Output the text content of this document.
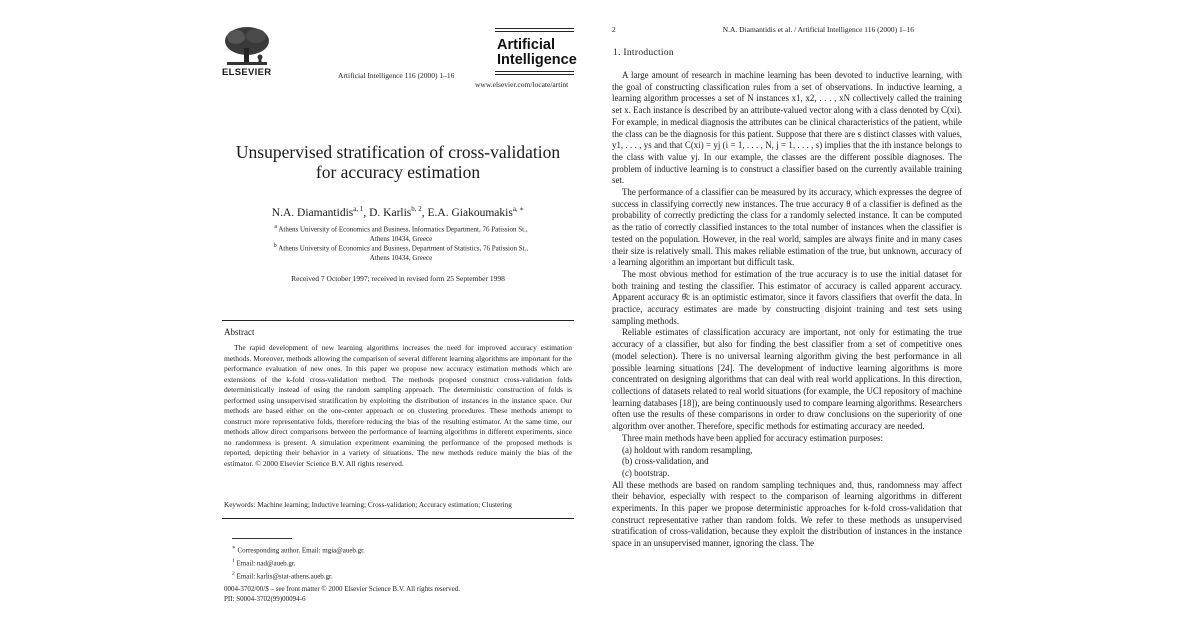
ELSEVIER	Artificial Intelligence 116 (2000) 1–16
Artificial
Intelligence
www.elsevier.com/locate/artint
Unsupervised stratification of cross-validation
for accuracy estimation
N.A. Diamantidis$^{a, 1}$, D. Karlis$^{b, 2}$, E.A. Giakoumakis$^{a, ∗}$
$^a$ Athens University of Economics and Business, Informatics Department, 76 Patission St.,
Athens 10434, Greece
$^b$ Athens University of Economics and Business, Department of Statistics, 76 Patission St.,
Athens 10434, Greece
Received 7 October 1997; received in revised form 25 September 1998
Abstract
The rapid development of new learning algorithms increases the need for improved accuracy estimation methods. Moreover, methods allowing the comparison of several different learning algorithms are important for the performance evaluation of new ones. In this paper we propose new accuracy estimation methods which are extensions of the k-fold cross-validation method. The methods proposed construct cross-validation folds deterministically instead of using the random sampling approach. The deterministic construction of folds is performed using unsupervised stratification by exploiting the distribution of instances in the instance space. Our methods are based either on the one-center approach or on clustering procedures. These methods attempt to construct more representative folds, therefore reducing the bias of the resulting estimator. At the same time, our methods allow direct comparisons between the performance of learning algorithms in different experiments, since no randomness is present. A simulation experiment examining the performance of the proposed methods is reported, depicting their behavior in a variety of situations. The new methods reduce mainly the bias of the estimator. © 2000 Elsevier Science B.V. All rights reserved.
Keywords: Machine learning; Inductive learning; Cross-validation; Accuracy estimation; Clustering
∗ Corresponding author. Email: mgia@aueb.gr.
$^1$ Email: nad@aueb.gr.
$^2$ Email: karlis@stat-athens.aueb.gr.
0004-3702/00/$ – see front matter © 2000 Elsevier Science B.V. All rights reserved.
PII: S0004-3702(99)00094-6
2	N.A. Diamantidis et al. / Artificial Intelligence 116 (2000) 1–16
1. Introduction

A large amount of research in machine learning has been devoted to inductive learning, with the goal of constructing classification rules from a set of observations. In inductive learning, a learning algorithm processes a set of N instances x1, x2, . . . , xN collectively called the training set x. Each instance is described by an attribute-valued vector along with a class denoted by C(xi). For example, in medical diagnosis the attributes can be clinical characteristics of the patient, while the class can be the diagnosis for this patient. Suppose that there are s distinct classes with values, y1, . . . , ys and that C(xi) = yj (i = 1, . . . , N, j = 1, . . . , s) implies that the ith instance belongs to the class with value yj. In our example, the classes are the different possible diagnoses. The problem of inductive learning is to construct a classifier based on the currently available training set.

The performance of a classifier can be measured by its accuracy, which expresses the degree of success in classifying correctly new instances. The true accuracy θ of a classifier is defined as the probability of correctly predicting the class for a randomly selected instance. It can be computed as the ratio of correctly classified instances to the total number of instances when the classifier is tested on the population. However, in the real world, samples are always finite and in many cases their size is relatively small. This makes reliable estimation of the true, but unknown, accuracy of a learning algorithm an important but difficult task.

The most obvious method for estimation of the true accuracy is to use the initial dataset for both training and testing the classifier. This estimator of accuracy is called apparent accuracy. Apparent accuracy θ̂c is an optimistic estimator, since it favors classifiers that overfit the data. In practice, accuracy estimates are made by constructing disjoint training and test sets using sampling methods.

Reliable estimates of classification accuracy are important, not only for estimating the true accuracy of a classifier, but also for finding the best classifier from a set of competitive ones (model selection). There is no universal learning algorithm giving the best performance in all possible learning situations [24]. The development of inductive learning algorithms is more concentrated on designing algorithms that can deal with real world applications. In this direction, collections of datasets related to real world situations (for example, the UCI repository of machine learning databases [18]), are being continuously used to compare learning algorithms. Researchers often use the results of these comparisons in order to draw conclusions on the superiority of one algorithm over another. Therefore, specific methods for estimating accuracy are needed.

Three main methods have been applied for accuracy estimation purposes:

(a) holdout with random resampling,

(b) cross-validation, and

(c) bootstrap.

All these methods are based on random sampling techniques and, thus, randomness may affect their behavior, especially with respect to the comparison of learning algorithms in different experiments. In this paper we propose deterministic approaches for k-fold cross-validation that construct representative rather than random folds. We refer to these methods as unsupervised stratification of cross-validation, because they exploit the distribution of instances in the instance space in an unsupervised manner, ignoring the class. The
